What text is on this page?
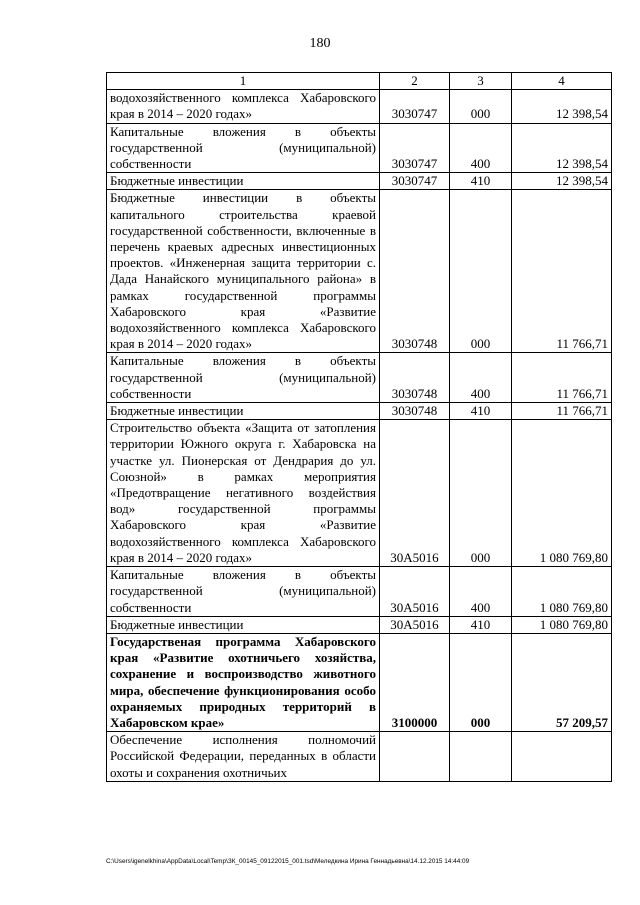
180
1	2	3	4
водохозяйственного комплекса Хабаровского края в 2014 – 2020 годах»	3030747	000	12 398,54
Капитальные вложения в объекты государственной (муниципальной) собственности	3030747	400	12 398,54
Бюджетные инвестиции	3030747	410	12 398,54
Бюджетные инвестиции в объекты капитального строительства краевой государственной собственности, включенные в перечень краевых адресных инвестиционных проектов. «Инженерная защита территории с. Дада Нанайского муниципального района» в рамках государственной программы Хабаровского края «Развитие водохозяйственного комплекса Хабаровского края в 2014 – 2020 годах»	3030748	000	11 766,71
Капитальные вложения в объекты государственной (муниципальной) собственности	3030748	400	11 766,71
Бюджетные инвестиции	3030748	410	11 766,71
Строительство объекта «Защита от затопления территории Южного округа г. Хабаровска на участке ул. Пионерская от Дендрария до ул. Союзной» в рамках мероприятия «Предотвращение негативного воздействия вод» государственной программы Хабаровского края «Развитие водохозяйственного комплекса Хабаровского края в 2014 – 2020 годах»	30А5016	000	1 080 769,80
Капитальные вложения в объекты государственной (муниципальной) собственности	30А5016	400	1 080 769,80
Бюджетные инвестиции	30А5016	410	1 080 769,80
Государственая программа Хабаровского края «Развитие охотничьего хозяйства, сохранение и воспроизводство животного мира, обеспечение функционирования особо охраняемых природных территорий в Хабаровском крае»	3100000	000	57 209,57
Обеспечение исполнения полномочий Российской Федерации, переданных в области охоты и сохранения охотничьих			
C:\Users\igenelkhina\AppData\Local\Temp\ЗК_00145_09122015_001.tsd\Меледкина Ирина Геннадьевна\14.12.2015 14:44:09
